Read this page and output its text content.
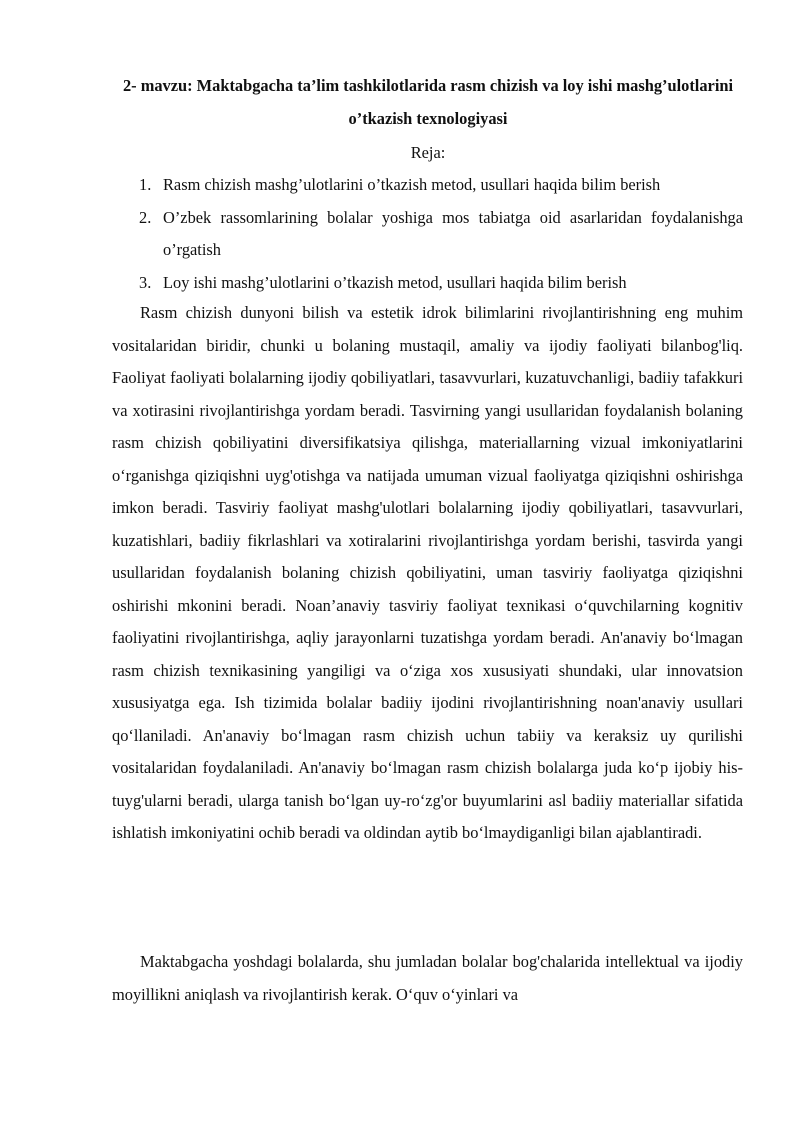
2- mavzu: Maktabgacha ta’lim tashkilotlarida rasm chizish va loy ishi mashg’ulotlarini o’tkazish texnologiyasi
Reja:
1. Rasm chizish mashg’ulotlarini o’tkazish metod, usullari haqida bilim berish
2. O’zbek rassomlarining bolalar yoshiga mos tabiatga oid asarlaridan foydalanishga o’rgatish
3. Loy ishi mashg’ulotlarini o’tkazish metod, usullari haqida bilim berish

Rasm chizish dunyoni bilish va estetik idrok bilimlarini rivojlantirishning eng muhim vositalaridan biridir, chunki u bolaning mustaqil, amaliy va ijodiy faoliyati bilanbog'liq. Faoliyat faoliyati bolalarning ijodiy qobiliyatlari, tasavvurlari, kuzatuvchanligi, badiiy tafakkuri va xotirasini rivojlantirishga yordam beradi. Tasvirning yangi usullaridan foydalanish bolaning rasm chizish qobiliyatini diversifikatsiya qilishga, materiallarning vizual imkoniyatlarini o‘rganishga qiziqishni uyg'otishga va natijada umuman vizual faoliyatga qiziqishni oshirishga imkon beradi. Tasviriy faoliyat mashg'ulotlari bolalarning ijodiy qobiliyatlari, tasavvurlari, kuzatishlari, badiiy fikrlashlari va xotiralarini rivojlantirishga yordam berishi, tasvirda yangi usullaridan foydalanish bolaning chizish qobiliyatini, uman tasviriy faoliyatga qiziqishni oshirishi mkonini beradi. Noan’anaviy tasviriy faoliyat texnikasi o‘quvchilarning kognitiv faoliyatini rivojlantirishga, aqliy jarayonlarni tuzatishga yordam beradi. An'anaviy bo‘lmagan rasm chizish texnikasining yangiligi va o‘ziga xos xususiyati shundaki, ular innovatsion xususiyatga ega. Ish tizimida bolalar badiiy ijodini rivojlantirishning noan'anaviy usullari qo‘llaniladi. An'anaviy bo‘lmagan rasm chizish uchun tabiiy va keraksiz uy qurilishi vositalaridan foydalaniladi. An'anaviy bo‘lmagan rasm chizish bolalarga juda ko‘p ijobiy his-tuyg'ularni beradi, ularga tanish bo‘lgan uy-ro‘zg'or buyumlarini asl badiiy materiallar sifatida ishlatish imkoniyatini ochib beradi va oldindan aytib bo‘lmaydiganligi bilan ajablantiradi.

Maktabgacha yoshdagi bolalarda, shu jumladan bolalar bog'chalarida intellektual va ijodiy moyillikni aniqlash va rivojlantirish kerak. O‘quv o‘yinlari va
